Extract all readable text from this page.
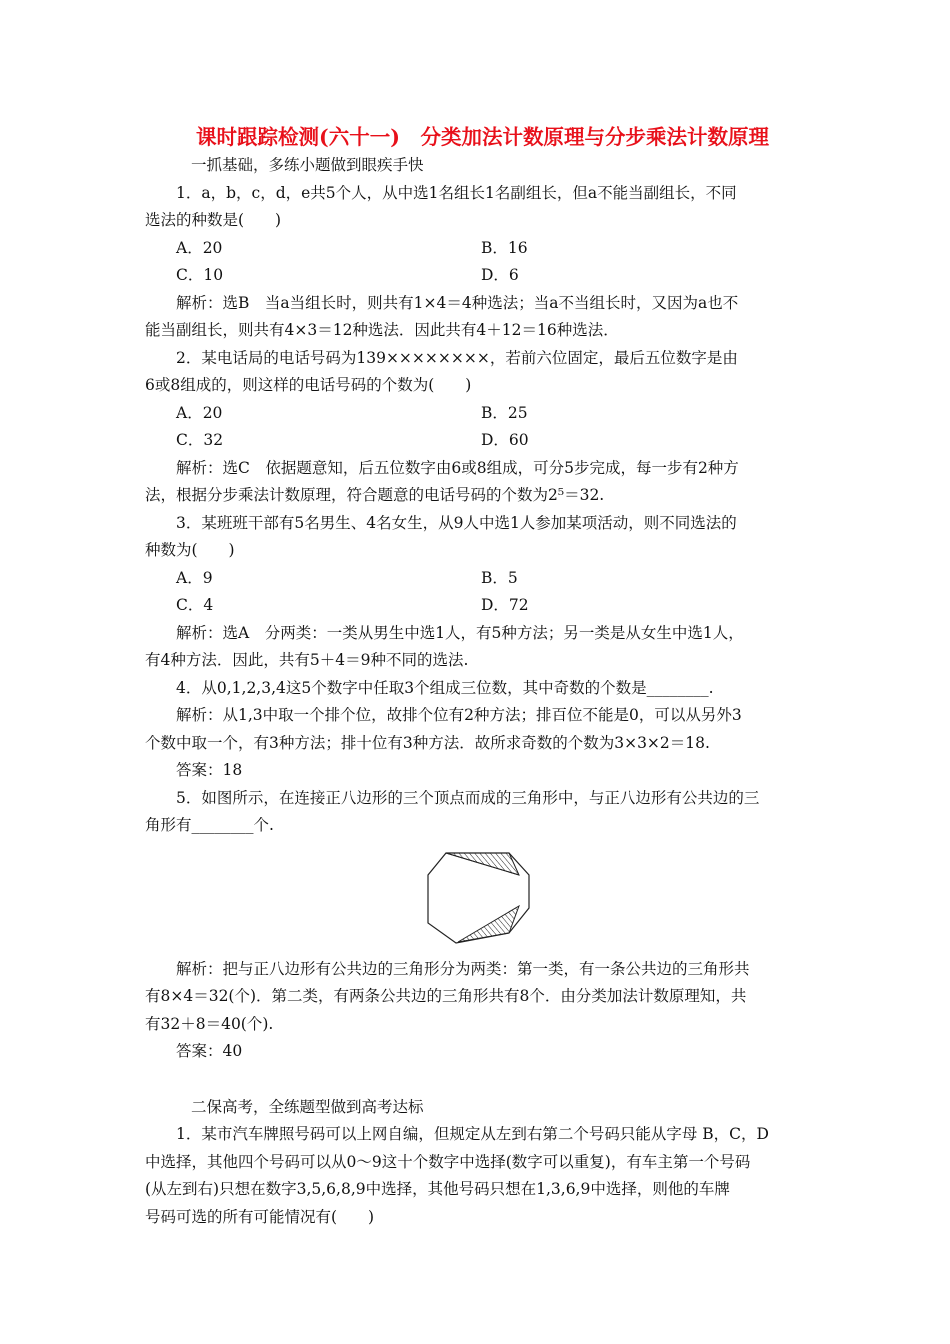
课时跟踪检测(六十一)　分类加法计数原理与分步乘法计数原理
一抓基础，多练小题做到眼疾手快
1．a，b，c，d，e共5个人，从中选1名组长1名副组长，但a不能当副组长，不同
选法的种数是(　　)
A．20	B．16
C．10	D．6
解析：选B　当a当组长时，则共有1×4＝4种选法；当a不当组长时，又因为a也不
能当副组长，则共有4×3＝12种选法．因此共有4＋12＝16种选法．
2．某电话局的电话号码为139××××××××，若前六位固定，最后五位数字是由
6或8组成的，则这样的电话号码的个数为(　　)
A．20	B．25
C．32	D．60
解析：选C　依据题意知，后五位数字由6或8组成，可分5步完成，每一步有2种方
法，根据分步乘法计数原理，符合题意的电话号码的个数为2⁵＝32.
3．某班班干部有5名男生、4名女生，从9人中选1人参加某项活动，则不同选法的
种数为(　　)
A．9	B．5
C．4	D．72
解析：选A　分两类：一类从男生中选1人，有5种方法；另一类是从女生中选1人，
有4种方法．因此，共有5＋4＝9种不同的选法.
4．从0,1,2,3,4这5个数字中任取3个组成三位数，其中奇数的个数是________.
解析：从1,3中取一个排个位，故排个位有2种方法；排百位不能是0，可以从另外3
个数中取一个，有3种方法；排十位有3种方法．故所求奇数的个数为3×3×2＝18.
答案：18
5．如图所示，在连接正八边形的三个顶点而成的三角形中，与正八边形有公共边的三
角形有________个.
解析：把与正八边形有公共边的三角形分为两类：第一类，有一条公共边的三角形共
有8×4＝32(个)．第二类，有两条公共边的三角形共有8个．由分类加法计数原理知，共
有32＋8＝40(个).
答案：40
二保高考，全练题型做到高考达标
1．某市汽车牌照号码可以上网自编，但规定从左到右第二个号码只能从字母 B，C，D
中选择，其他四个号码可以从0～9这十个数字中选择(数字可以重复)，有车主第一个号码
(从左到右)只想在数字3,5,6,8,9中选择，其他号码只想在1,3,6,9中选择，则他的车牌
号码可选的所有可能情况有(　　)
